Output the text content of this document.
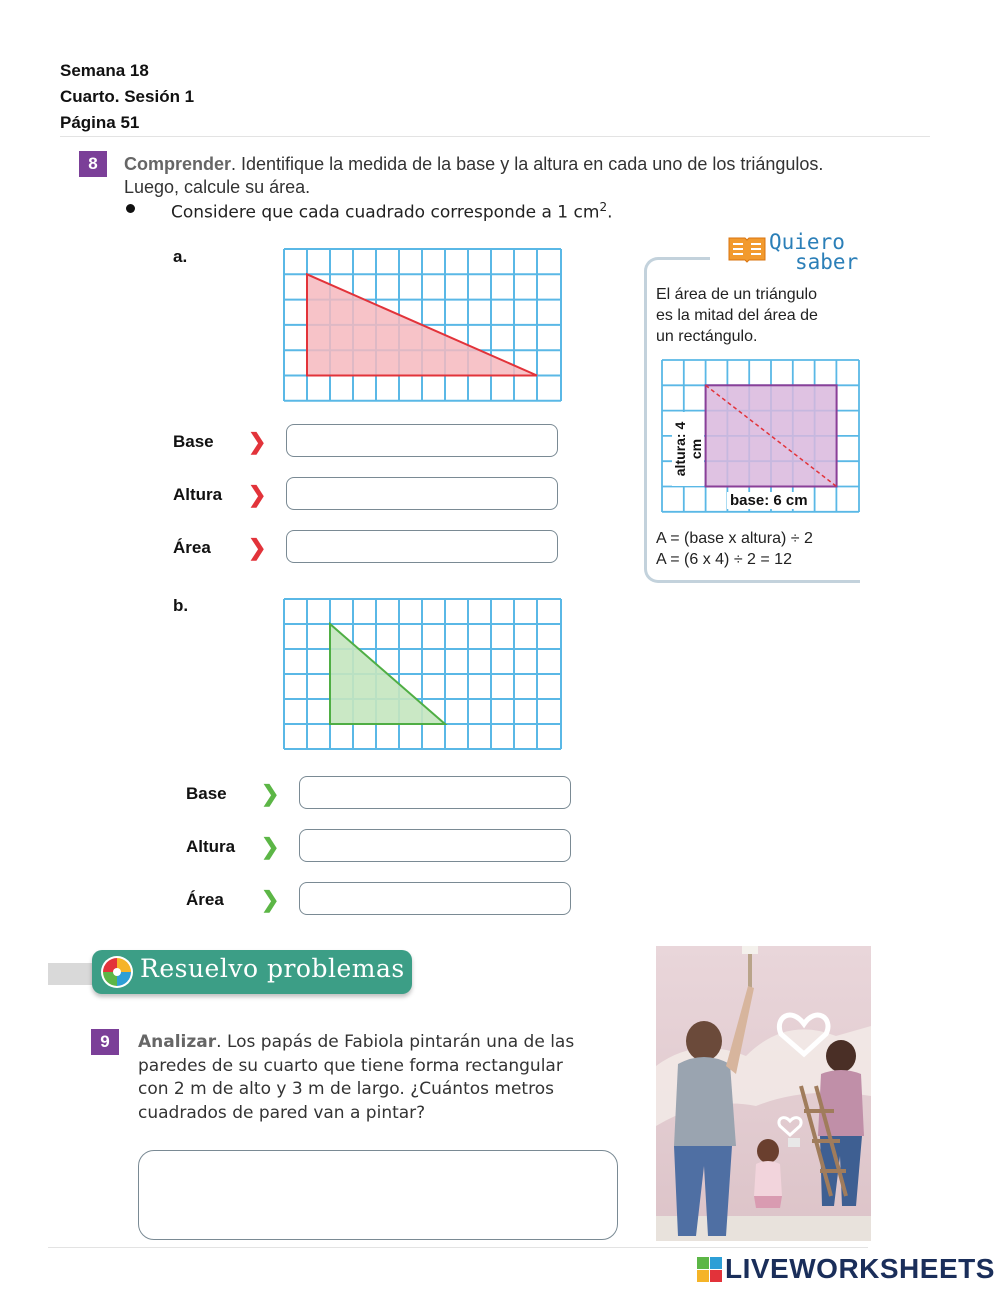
Semana 18
Cuarto. Sesión 1
Página 51
8	Comprender. Identifique la medida de la base y la altura en cada uno de los triángulos.
Luego, calcule su área.
Considere que cada cuadrado corresponde a 1 $cm^2$.
a.
Base ❯
Altura ❯
Área ❯
Quiero
saber
El área de un triángulo
es la mitad del área de
un rectángulo.
altura: 4 cm
base: 6 cm
A = (base x altura) ÷ 2
A = (6 x 4) ÷ 2 = 12
b.
Base ❯
Altura ❯
Área ❯
Resuelvo problemas
9	Analizar. Los papás de Fabiola pintarán una de las
paredes de su cuarto que tiene forma rectangular
con 2 m de alto y 3 m de largo. ¿Cuántos metros
cuadrados de pared van a pintar?
LIVEWORKSHEETS
